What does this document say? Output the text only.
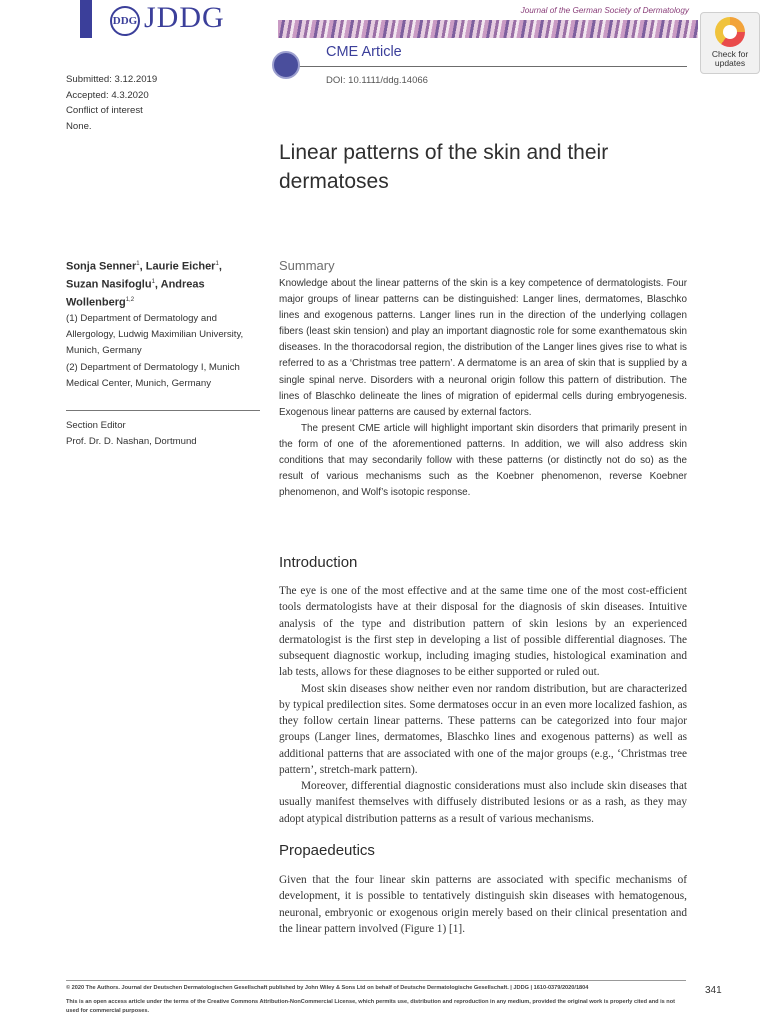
DDG JDDG	Journal of the German Society of Dermatology
Check for
updates
CME Article
DOI: 10.1111/ddg.14066
Submitted: 3.12.2019
Accepted: 4.3.2020
Conflict of interest
None.
Linear patterns of the skin and their dermatoses
Sonja Senner$^1$, Laurie Eicher$^1$, Suzan Nasifoglu$^1$, Andreas Wollenberg$^{1,2}$
(1) Department of Dermatology and Allergology, Ludwig Maximilian University, Munich, Germany
(2) Department of Dermatology I, Munich Medical Center, Munich, Germany
Section Editor
Prof. Dr. D. Nashan, Dortmund
Summary

Knowledge about the linear patterns of the skin is a key competence of dermatologists. Four major groups of linear patterns can be distinguished: Langer lines, dermatomes, Blaschko lines and exogenous patterns. Langer lines run in the direction of the underlying collagen fibers (least skin tension) and play an important diagnostic role for some exanthematous skin diseases. In the thoracodorsal region, the distribution of the Langer lines gives rise to what is referred to as a ‘Christmas tree pattern’. A dermatome is an area of skin that is supplied by a single spinal nerve. Disorders with a neuronal origin follow this pattern of distribution. The lines of Blaschko delineate the lines of migration of epidermal cells during embryogenesis. Exogenous linear patterns are caused by external factors.

The present CME article will highlight important skin disorders that primarily present in the form of one of the aforementioned patterns. In addition, we will also address skin conditions that may secondarily follow with these patterns (or distinctly not do so) as the result of various mechanisms such as the Koebner phenomenon, reverse Koebner phenomenon, and Wolf’s isotopic response.

Introduction

The eye is one of the most effective and at the same time one of the most cost-efficient tools dermatologists have at their disposal for the diagnosis of skin diseases. Intuitive analysis of the type and distribution pattern of skin lesions by an experienced dermatologist is the first step in developing a list of possible differential diagnoses. The subsequent diagnostic workup, including imaging studies, histological examination and lab tests, allows for these diagnoses to be either supported or ruled out.

Most skin diseases show neither even nor random distribution, but are characterized by typical predilection sites. Some dermatoses occur in an even more localized fashion, as they follow certain linear patterns. These patterns can be categorized into four major groups (Langer lines, dermatomes, Blaschko lines and exogenous patterns) as well as additional patterns that are associated with one of the major groups (e.g., ‘Christmas tree pattern’, stretch-mark pattern).

Moreover, differential diagnostic considerations must also include skin diseases that usually manifest themselves with diffusely distributed lesions or as a rash, as they may adopt atypical distribution patterns as a result of various mechanisms.

Propaedeutics

Given that the four linear skin patterns are associated with specific mechanisms of development, it is possible to tentatively distinguish skin diseases with hematogenous, neuronal, embryonic or exogenous origin merely based on their clinical presentation and the linear pattern involved (Figure 1) [1].

© 2020 The Authors. Journal der Deutschen Dermatologischen Gesellschaft published by John Wiley & Sons Ltd on behalf of Deutsche Dermatologische Gesellschaft. | JDDG | 1610-0379/2020/1804
This is an open access article under the terms of the Creative Commons Attribution-NonCommercial License, which permits use, distribution and reproduction in any medium, provided the original work is properly cited and is not used for commercial purposes.
341
